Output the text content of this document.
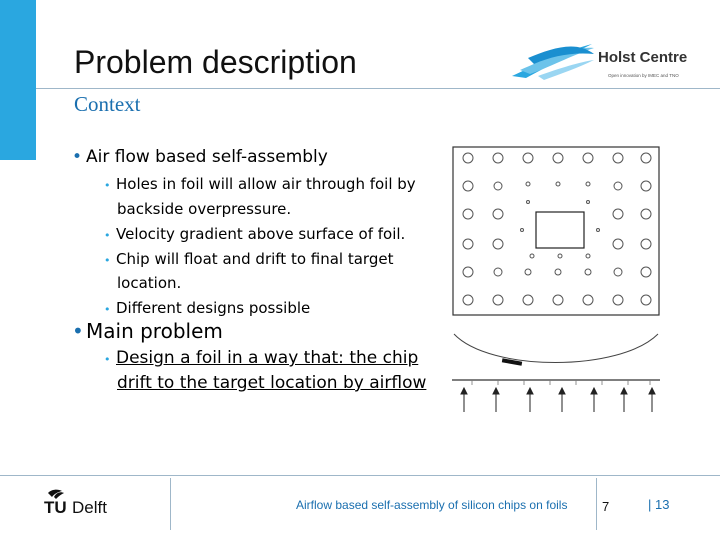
Problem description
Context
Holst Centre
Open innovation by IMEC and TNO
• Air flow based self-assembly
• Holes in foil will allow air through foil by
backside overpressure.
• Velocity gradient above surface of foil.
• Chip will float and drift to final target
location.
• Different designs possible
• Main problem
• Design a foil in a way that: the chip
drift to the target location by airflow
TU Delft	Airflow based self-assembly of silicon chips on foils	7	| 13
